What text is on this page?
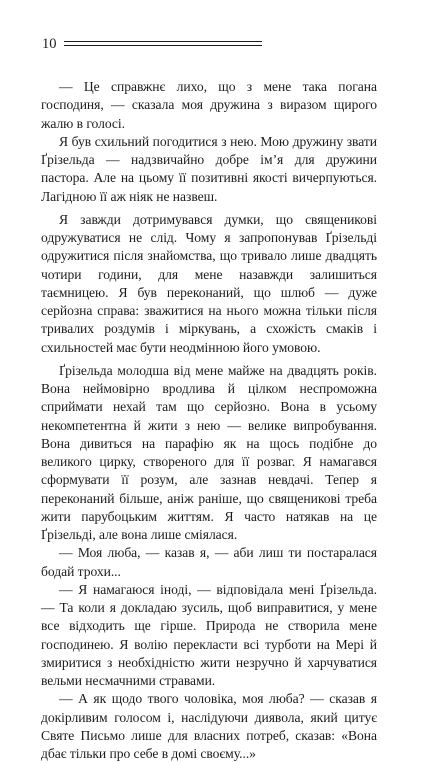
10

— Це справжнє лихо, що з мене така погана господиня, — сказала моя дружина з виразом щирого жалю в голосі.

Я був схильний погодитися з нею. Мою дружину звати Ґрізельда — надзвичайно добре ім’я для дружини пастора. Але на цьому її позитивні якості вичерпуються. Лагідною її аж ніяк не назвеш.

Я завжди дотримувався думки, що священикові одружуватися не слід. Чому я запропонував Ґрізельді одружитися після знайомства, що тривало лише двадцять чотири години, для мене назавжди залишиться таємницею. Я був переконаний, що шлюб — дуже серйозна справа: зважитися на нього можна тільки після тривалих роздумів і міркувань, а схожість смаків і схильностей має бути неодмінною його умовою.

Ґрізельда молодша від мене майже на двадцять років. Вона неймовірно вродлива й цілком неспроможна сприймати нехай там що серйозно. Вона в усьому некомпетентна й жити з нею — велике випробування. Вона дивиться на парафію як на щось подібне до великого цирку, створеного для її розваг. Я намагався сформувати її розум, але зазнав невдачі. Тепер я переконаний більше, аніж раніше, що священикові треба жити парубоцьким життям. Я часто натякав на це Ґрізельді, але вона лише сміялася.

— Моя люба, — казав я, — аби лиш ти постаралася бодай трохи...

— Я намагаюся іноді, — відповідала мені Ґрізельда. — Та коли я докладаю зусиль, щоб виправитися, у мене все відходить ще гірше. Природа не створила мене господинею. Я волію перекласти всі турботи на Мері й змиритися з необхідністю жити незручно й харчуватися вельми несмачними стравами.

— А як щодо твого чоловіка, моя люба? — сказав я докірливим голосом і, наслідуючи диявола, який цитує Святе Письмо лише для власних потреб, сказав: «Вона дбає тільки про себе в домі своєму...»
